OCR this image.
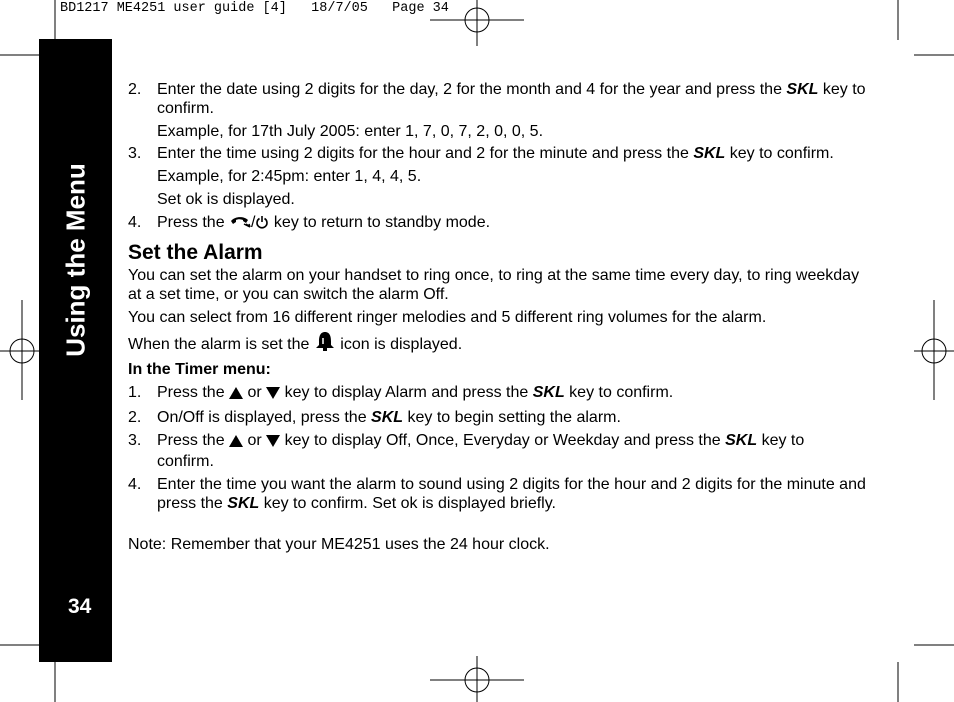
BD1217 ME4251 user guide [4]   18/7/05   Page 34
Using the Menu
34
2. Enter the date using 2 digits for the day, 2 for the month and 4 for the year and press the SKL key to confirm.

Example, for 17th July 2005: enter 1, 7, 0, 7, 2, 0, 0, 5.

3. Enter the time using 2 digits for the hour and 2 for the minute and press the SKL key to confirm.

Example, for 2:45pm: enter 1, 4, 4, 5.

Set ok is displayed.

4. Press the / key to return to standby mode.
Set the Alarm

You can set the alarm on your handset to ring once, to ring at the same time every day, to ring weekday at a set time, or you can switch the alarm Off.

You can select from 16 different ringer melodies and 5 different ring volumes for the alarm.

When the alarm is set the  icon is displayed.

In the Timer menu:

1. Press the  or  key to display Alarm and press the SKL key to confirm.
2. On/Off is displayed, press the SKL key to begin setting the alarm.
3. Press the  or  key to display Off, Once, Everyday or Weekday and press the SKL key to confirm.
4. Enter the time you want the alarm to sound using 2 digits for the hour and 2 digits for the minute and press the SKL key to confirm. Set ok is displayed briefly.

Note: Remember that your ME4251 uses the 24 hour clock.
